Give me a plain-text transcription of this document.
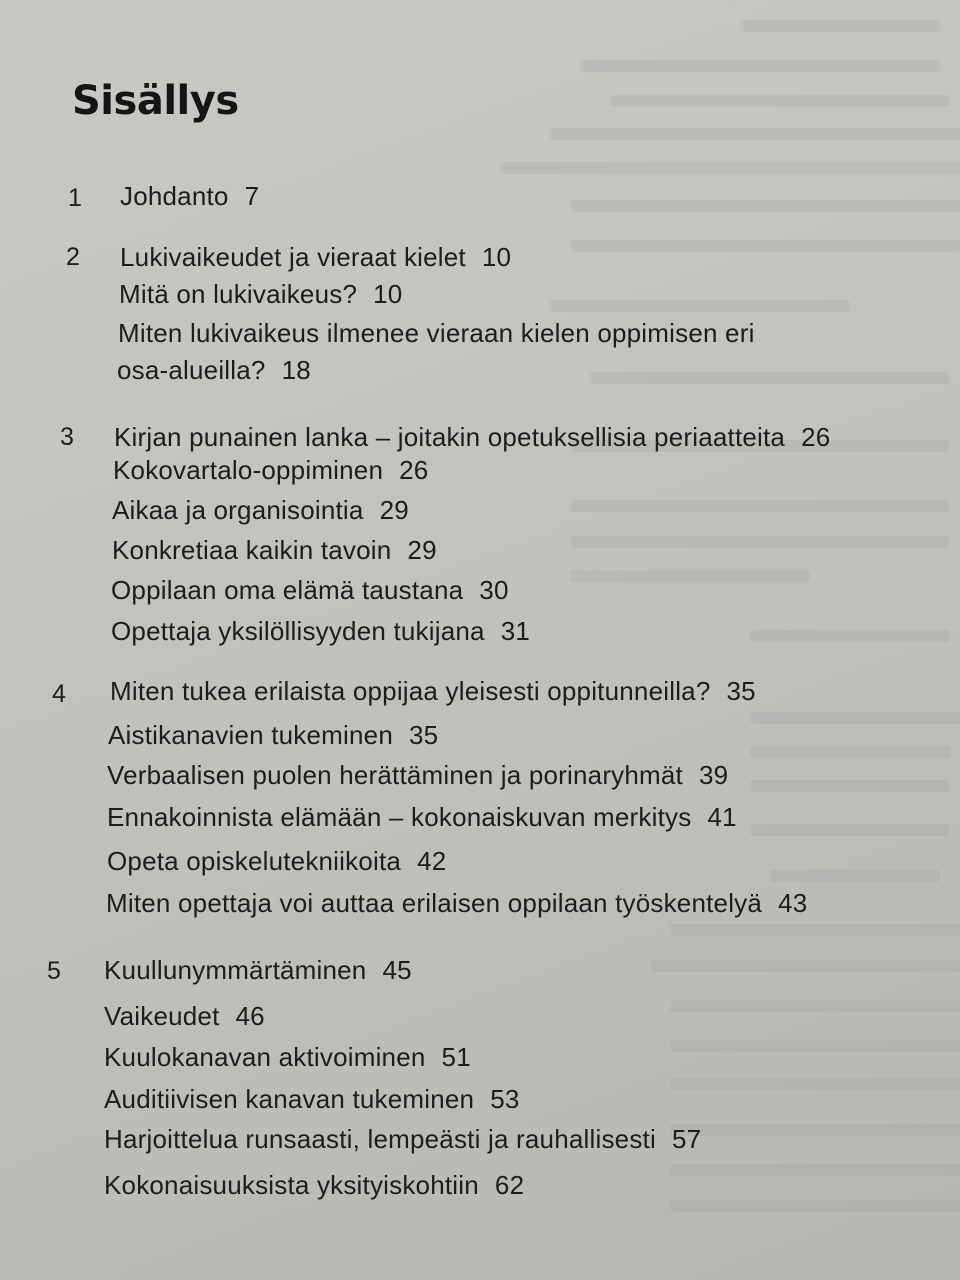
Sisällys
1 Johdanto 7
2 Lukivaikeudet ja vieraat kielet 10
Mitä on lukivaikeus? 10
Miten lukivaikeus ilmenee vieraan kielen oppimisen eri
osa-alueilla? 18
3 Kirjan punainen lanka – joitakin opetuksellisia periaatteita 26
Kokovartalo-oppiminen 26
Aikaa ja organisointia 29
Konkretiaa kaikin tavoin 29
Oppilaan oma elämä taustana 30
Opettaja yksilöllisyyden tukijana 31
4 Miten tukea erilaista oppijaa yleisesti oppitunneilla? 35
Aistikanavien tukeminen 35
Verbaalisen puolen herättäminen ja porinaryhmät 39
Ennakoinnista elämään – kokonaiskuvan merkitys 41
Opeta opiskelutekniikoita 42
Miten opettaja voi auttaa erilaisen oppilaan työskentelyä 43
5 Kuullunymmärtäminen 45
Vaikeudet 46
Kuulokanavan aktivoiminen 51
Auditiivisen kanavan tukeminen 53
Harjoittelua runsaasti, lempeästi ja rauhallisesti 57
Kokonaisuuksista yksityiskohtiin 62
